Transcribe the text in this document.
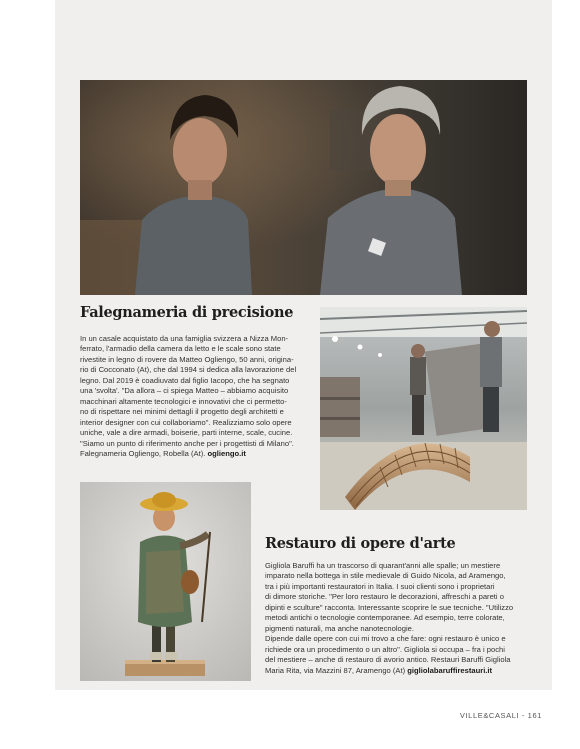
Falegnameria di precisione
In un casale acquistato da una famiglia svizzera a Nizza Mon-
ferrato, l'armadio della camera da letto e le scale sono state
rivestite in legno di rovere da Matteo Ogliengo, 50 anni, origina-
rio di Cocconato (At), che dal 1994 si dedica alla lavorazione del
legno. Dal 2019 è coadiuvato dal figlio Iacopo, che ha segnato
una 'svolta'. "Da allora – ci spiega Matteo – abbiamo acquisito
macchinari altamente tecnologici e innovativi che ci permetto-
no di rispettare nei minimi dettagli il progetto degli architetti e
interior designer con cui collaboriamo". Realizziamo solo opere
uniche, vale a dire armadi, boiserie, parti interne, scale, cucine.
"Siamo un punto di riferimento anche per i progettisti di Milano".
Falegnameria Ogliengo, Robella (At). ogliengo.it
Restauro di opere d'arte
Gigliola Baruffi ha un trascorso di quarant'anni alle spalle; un mestiere
imparato nella bottega in stile medievale di Guido Nicola, ad Aramengo,
tra i più importanti restauratori in Italia. I suoi clienti sono i proprietari
di dimore storiche. "Per loro restauro le decorazioni, affreschi a pareti o
dipinti e sculture" racconta. Interessante scoprire le sue tecniche. "Utilizzo
metodi antichi o tecnologie contemporanee. Ad esempio, terre colorate,
pigmenti naturali, ma anche nanotecnologie.
Dipende dalle opere con cui mi trovo a che fare: ogni restauro è unico e
richiede ora un procedimento o un altro". Gigliola si occupa – fra i pochi
del mestiere – anche di restauro di avorio antico. Restauri Baruffi Gigliola
Maria Rita, via Mazzini 87, Aramengo (At) gigliolabaruffirestauri.it
VILLE&CASALI - 161
